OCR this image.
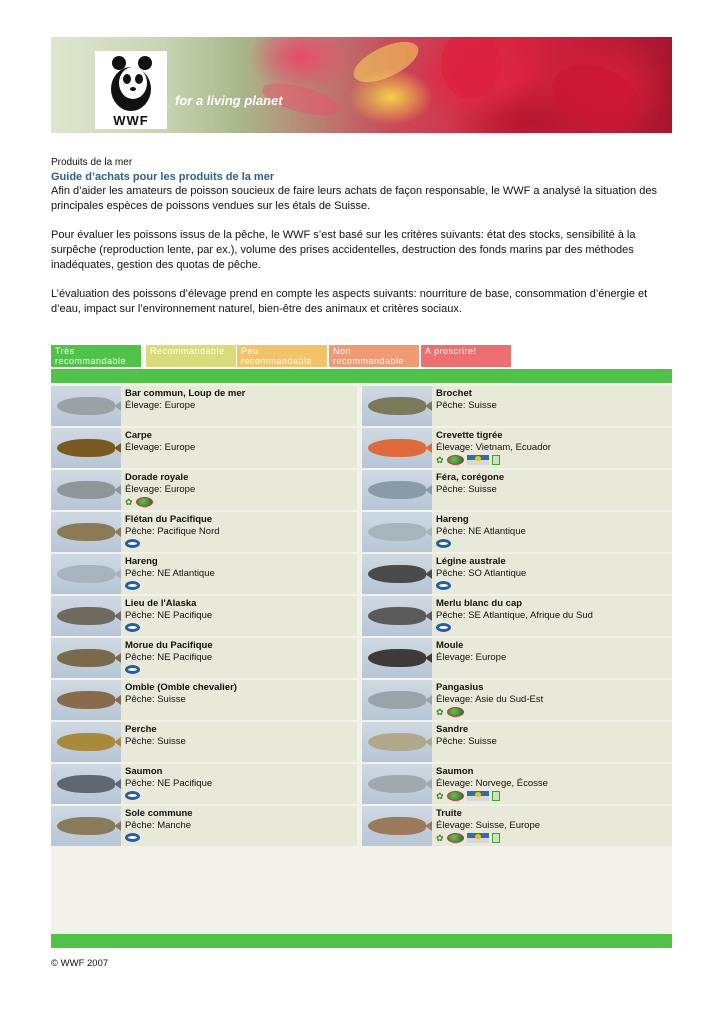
WWF
for a living planet
Produits de la mer
Guide d’achats pour les produits de la mer
Afin d’aider les amateurs de poisson soucieux de faire leurs achats de façon responsable, le WWF a analysé la situation des principales espèces de poissons vendues sur les étals de Suisse.
Pour évaluer les poissons issus de la pêche, le WWF s’est basé sur les critères suivants: état des stocks, sensibilité à la surpêche (reproduction lente, par ex.), volume des prises accidentelles, destruction des fonds marins par des méthodes inadéquates, gestion des quotas de pêche.
L’évaluation des poissons d’élevage prend en compte les aspects suivants: nourriture de base, consommation d’énergie et d’eau, impact sur l’environnement naturel, bien-être des animaux et critères sociaux.
Très recommandable
Recommandable	Peu recommandable
Non recommandable
A proscrire!
Bar commun, Loup de mer
Élevage: Europe
Carpe
Élevage: Europe
Dorade royale
Élevage: Europe
✿
Flétan du Pacifique
Pêche: Pacifique Nord
Hareng
Pêche: NE Atlantique
Lieu de l'Alaska
Pêche: NE Pacifique
Morue du Pacifique
Pêche: NE Pacifique
Omble (Omble chevalier)
Pêche: Suisse
Perche
Pêche: Suisse
Saumon
Pêche: NE Pacifique
Sole commune
Pêche: Manche
Brochet
Pêche: Suisse
Crevette tigrée
Élevage: Vietnam, Ecuador
✿
Féra, corégone
Pêche: Suisse
Hareng
Pêche: NE Atlantique
Légine australe
Pêche: SO Atlantique
Merlu blanc du cap
Pêche: SE Atlantique, Afrique du Sud
Moule
Élevage: Europe
Pangasius
Élevage: Asie du Sud-Est
✿
Sandre
Pêche: Suisse
Saumon
Élevage: Norvege, Écosse
✿
Truite
Élevage: Suisse, Europe
✿
© WWF 2007
